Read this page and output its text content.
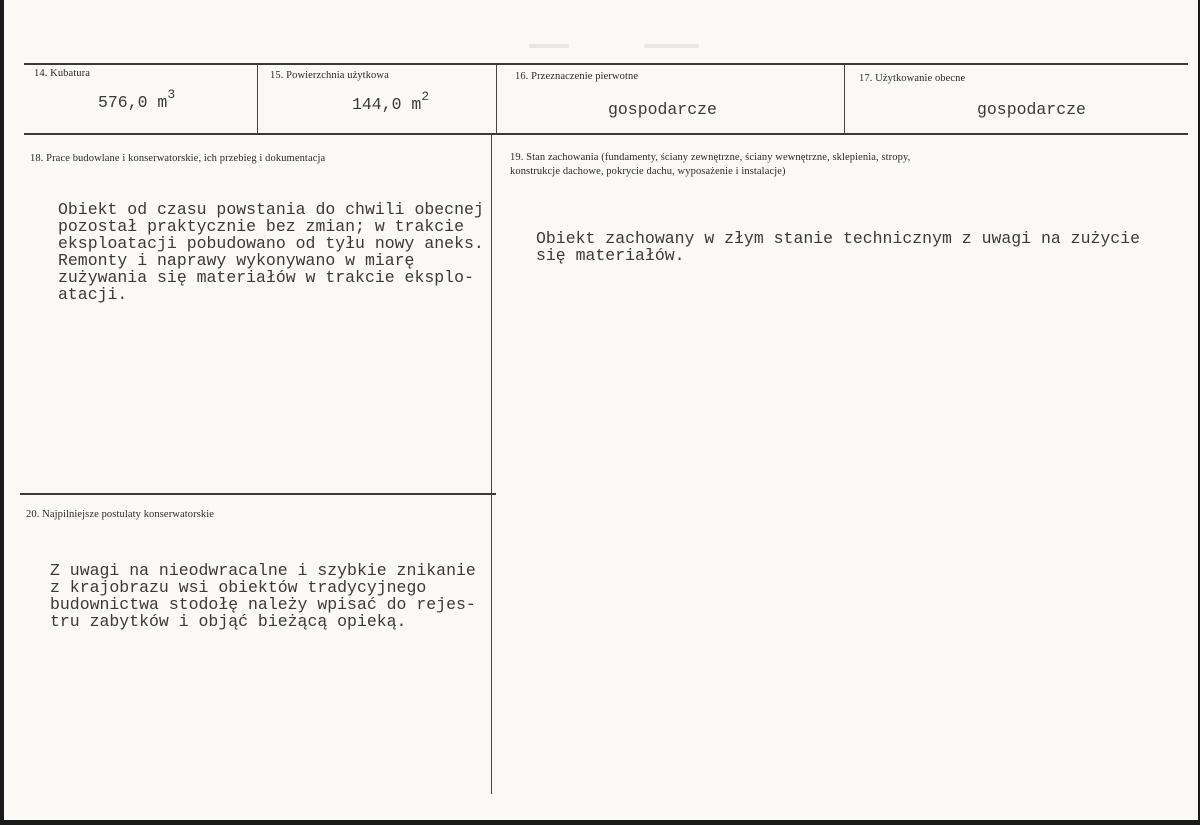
14. Kubatura
576,0 $m^3$
15. Powierzchnia użytkowa
144,0 $m^2$
16. Przeznaczenie pierwotne
gospodarcze
17. Użytkowanie obecne
gospodarcze
18. Prace budowlane i konserwatorskie, ich przebieg i dokumentacja
Obiekt od czasu powstania do chwili obecnej
pozostał praktycznie bez zmian; w trakcie
eksploatacji pobudowano od tyłu nowy aneks.
Remonty i naprawy wykonywano w miarę
zużywania się materiałów w trakcie eksplo-
atacji.
19. Stan zachowania (fundamenty, ściany zewnętrzne, ściany wewnętrzne, sklepienia, stropy,
konstrukcje dachowe, pokrycie dachu, wyposażenie i instalacje)
Obiekt zachowany w złym stanie technicznym z uwagi na zużycie
się materiałów.
20. Najpilniejsze postulaty konserwatorskie
Z uwagi na nieodwracalne i szybkie znikanie
z krajobrazu wsi obiektów tradycyjnego
budownictwa stodołę należy wpisać do rejes-
tru zabytków i objąć bieżącą opieką.
